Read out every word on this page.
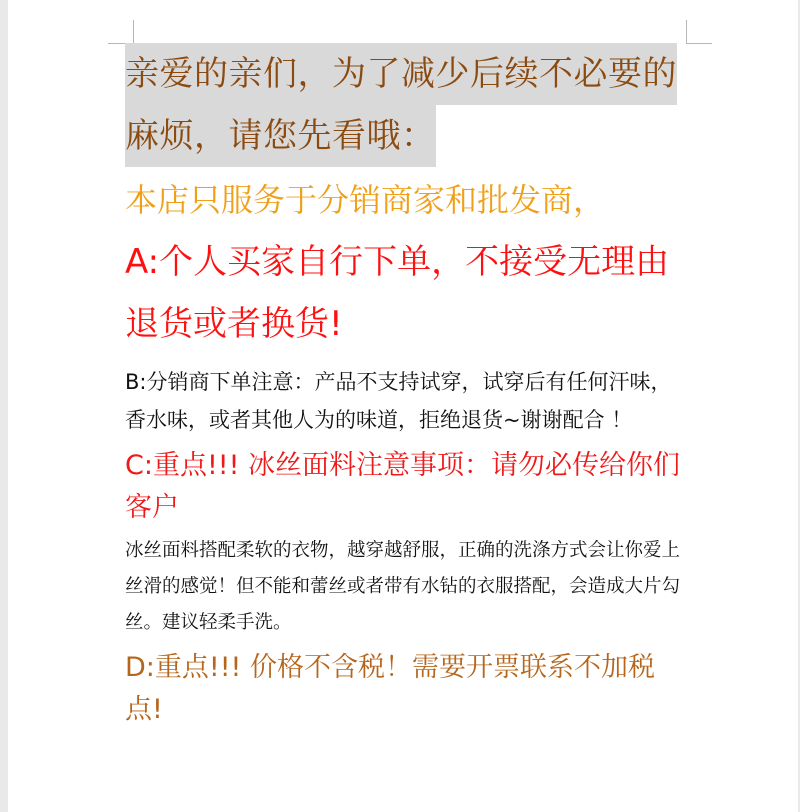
亲爱的亲们，为了减少后续不必要的
麻烦，请您先看哦：
本店只服务于分销商家和批发商，
A:个人买家自行下单，不接受无理由退货或者换货!
B:分销商下单注意：产品不支持试穿，试穿后有任何汗味，香水味，或者其他人为的味道，拒绝退货~谢谢配合 ！
C:重点!!! 冰丝面料注意事项：请勿必传给你们客户
冰丝面料搭配柔软的衣物，越穿越舒服，正确的洗涤方式会让你爱上丝滑的感觉！但不能和蕾丝或者带有水钻的衣服搭配，会造成大片勾丝。建议轻柔手洗。
D:重点!!! 价格不含税！需要开票联系不加税点!
